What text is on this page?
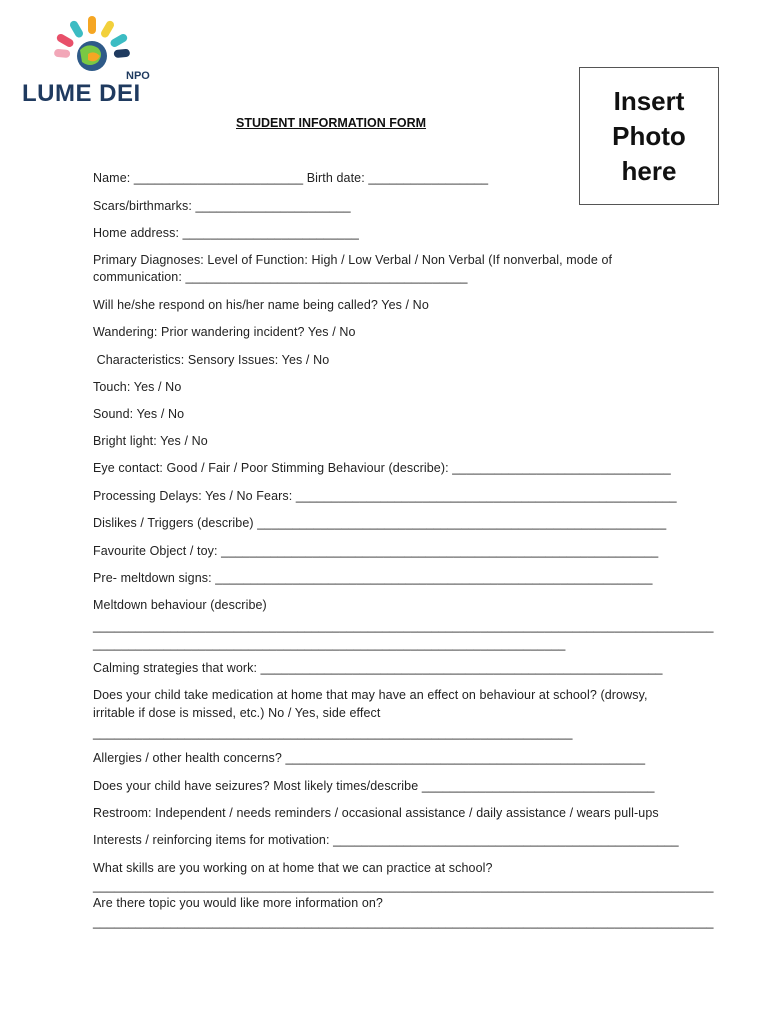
NPO
LUME DEI	Insert
Photo
here
STUDENT INFORMATION FORM
Name: ________________________ Birth date: _________________
Scars/birthmarks: ______________________
Home address: _________________________
Primary Diagnoses: Level of Function: High / Low Verbal / Non Verbal (If nonverbal, mode of
communication: ________________________________________
Will he/she respond on his/her name being called? Yes / No
Wandering: Prior wandering incident? Yes / No
Characteristics: Sensory Issues: Yes / No
Touch: Yes / No
Sound: Yes / No
Bright light: Yes / No
Eye contact: Good / Fair / Poor Stimming Behaviour (describe): _______________________________
Processing Delays: Yes / No Fears: ______________________________________________________
Dislikes / Triggers (describe) __________________________________________________________
Favourite Object / toy: ______________________________________________________________
Pre- meltdown signs: ______________________________________________________________
Meltdown behaviour (describe)
________________________________________________________________________________________
___________________________________________________________________
Calming strategies that work: _________________________________________________________
Does your child take medication at home that may have an effect on behaviour at school? (drowsy,
irritable if dose is missed, etc.) No / Yes, side effect
____________________________________________________________________
Allergies / other health concerns? ___________________________________________________
Does your child have seizures? Most likely times/describe _________________________________
Restroom: Independent / needs reminders / occasional assistance / daily assistance / wears pull-ups
Interests / reinforcing items for motivation: _________________________________________________
What skills are you working on at home that we can practice at school?
________________________________________________________________________________________
Are there topic you would like more information on?
________________________________________________________________________________________
